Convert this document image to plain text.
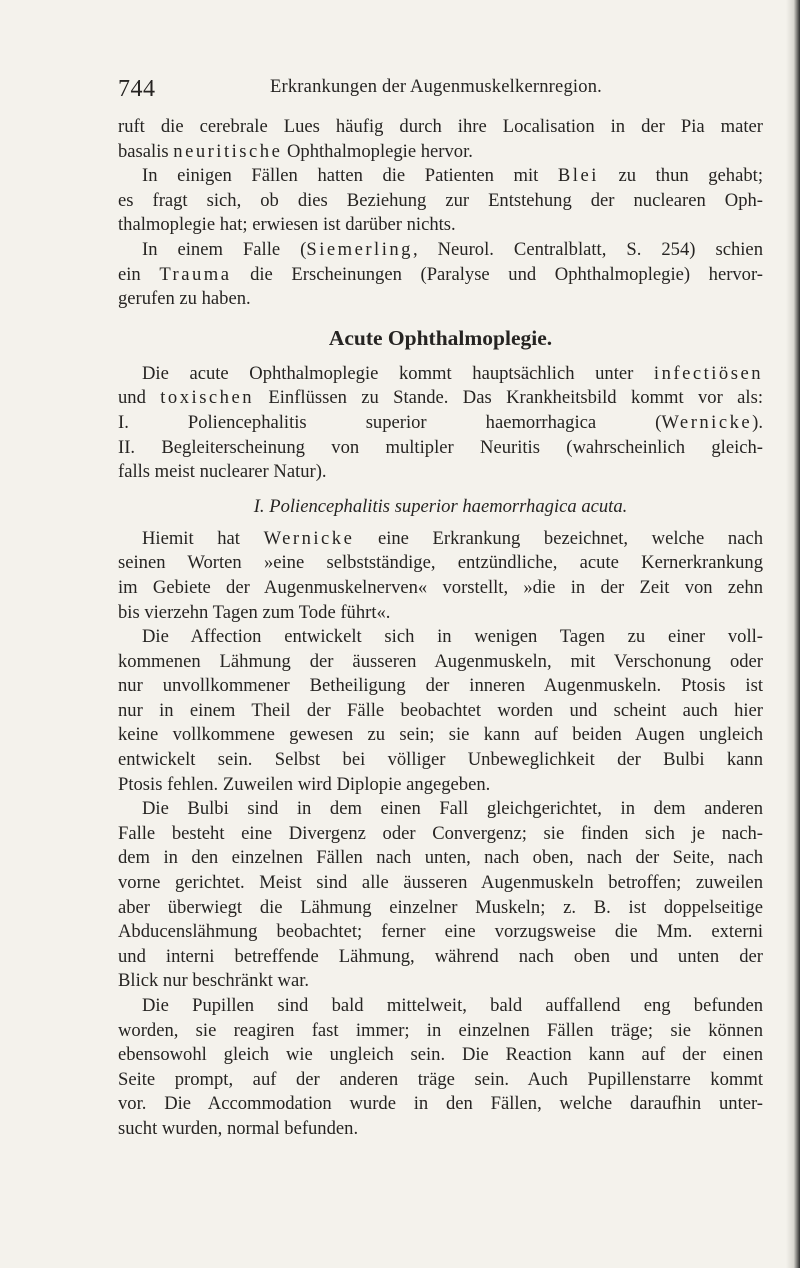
744	Erkrankungen der Augenmuskelkernregion.
ruft die cerebrale Lues häufig durch ihre Localisation in der Pia mater
basalis neuritische Ophthalmoplegie hervor.
In einigen Fällen hatten die Patienten mit Blei zu thun gehabt;
es fragt sich, ob dies Beziehung zur Entstehung der nuclearen Oph-
thalmoplegie hat; erwiesen ist darüber nichts.
In einem Falle (Siemerling, Neurol. Centralblatt, S. 254) schien
ein Trauma die Erscheinungen (Paralyse und Ophthalmoplegie) hervor-
gerufen zu haben.
Acute Ophthalmoplegie.
Die acute Ophthalmoplegie kommt hauptsächlich unter infectiösen
und toxischen Einflüssen zu Stande. Das Krankheitsbild kommt vor als:
I. Poliencephalitis superior haemorrhagica (Wernicke).
II. Begleiterscheinung von multipler Neuritis (wahrscheinlich gleich-
falls meist nuclearer Natur).
I. Poliencephalitis superior haemorrhagica acuta.
Hiemit hat Wernicke eine Erkrankung bezeichnet, welche nach
seinen Worten »eine selbstständige, entzündliche, acute Kernerkrankung
im Gebiete der Augenmuskelnerven« vorstellt, »die in der Zeit von zehn
bis vierzehn Tagen zum Tode führt«.
Die Affection entwickelt sich in wenigen Tagen zu einer voll-
kommenen Lähmung der äusseren Augenmuskeln, mit Verschonung oder
nur unvollkommener Betheiligung der inneren Augenmuskeln. Ptosis ist
nur in einem Theil der Fälle beobachtet worden und scheint auch hier
keine vollkommene gewesen zu sein; sie kann auf beiden Augen ungleich
entwickelt sein. Selbst bei völliger Unbeweglichkeit der Bulbi kann
Ptosis fehlen. Zuweilen wird Diplopie angegeben.
Die Bulbi sind in dem einen Fall gleichgerichtet, in dem anderen
Falle besteht eine Divergenz oder Convergenz; sie finden sich je nach-
dem in den einzelnen Fällen nach unten, nach oben, nach der Seite, nach
vorne gerichtet. Meist sind alle äusseren Augenmuskeln betroffen; zuweilen
aber überwiegt die Lähmung einzelner Muskeln; z. B. ist doppelseitige
Abducenslähmung beobachtet; ferner eine vorzugsweise die Mm. externi
und interni betreffende Lähmung, während nach oben und unten der
Blick nur beschränkt war.
Die Pupillen sind bald mittelweit, bald auffallend eng befunden
worden, sie reagiren fast immer; in einzelnen Fällen träge; sie können
ebensowohl gleich wie ungleich sein. Die Reaction kann auf der einen
Seite prompt, auf der anderen träge sein. Auch Pupillenstarre kommt
vor. Die Accommodation wurde in den Fällen, welche daraufhin unter-
sucht wurden, normal befunden.
